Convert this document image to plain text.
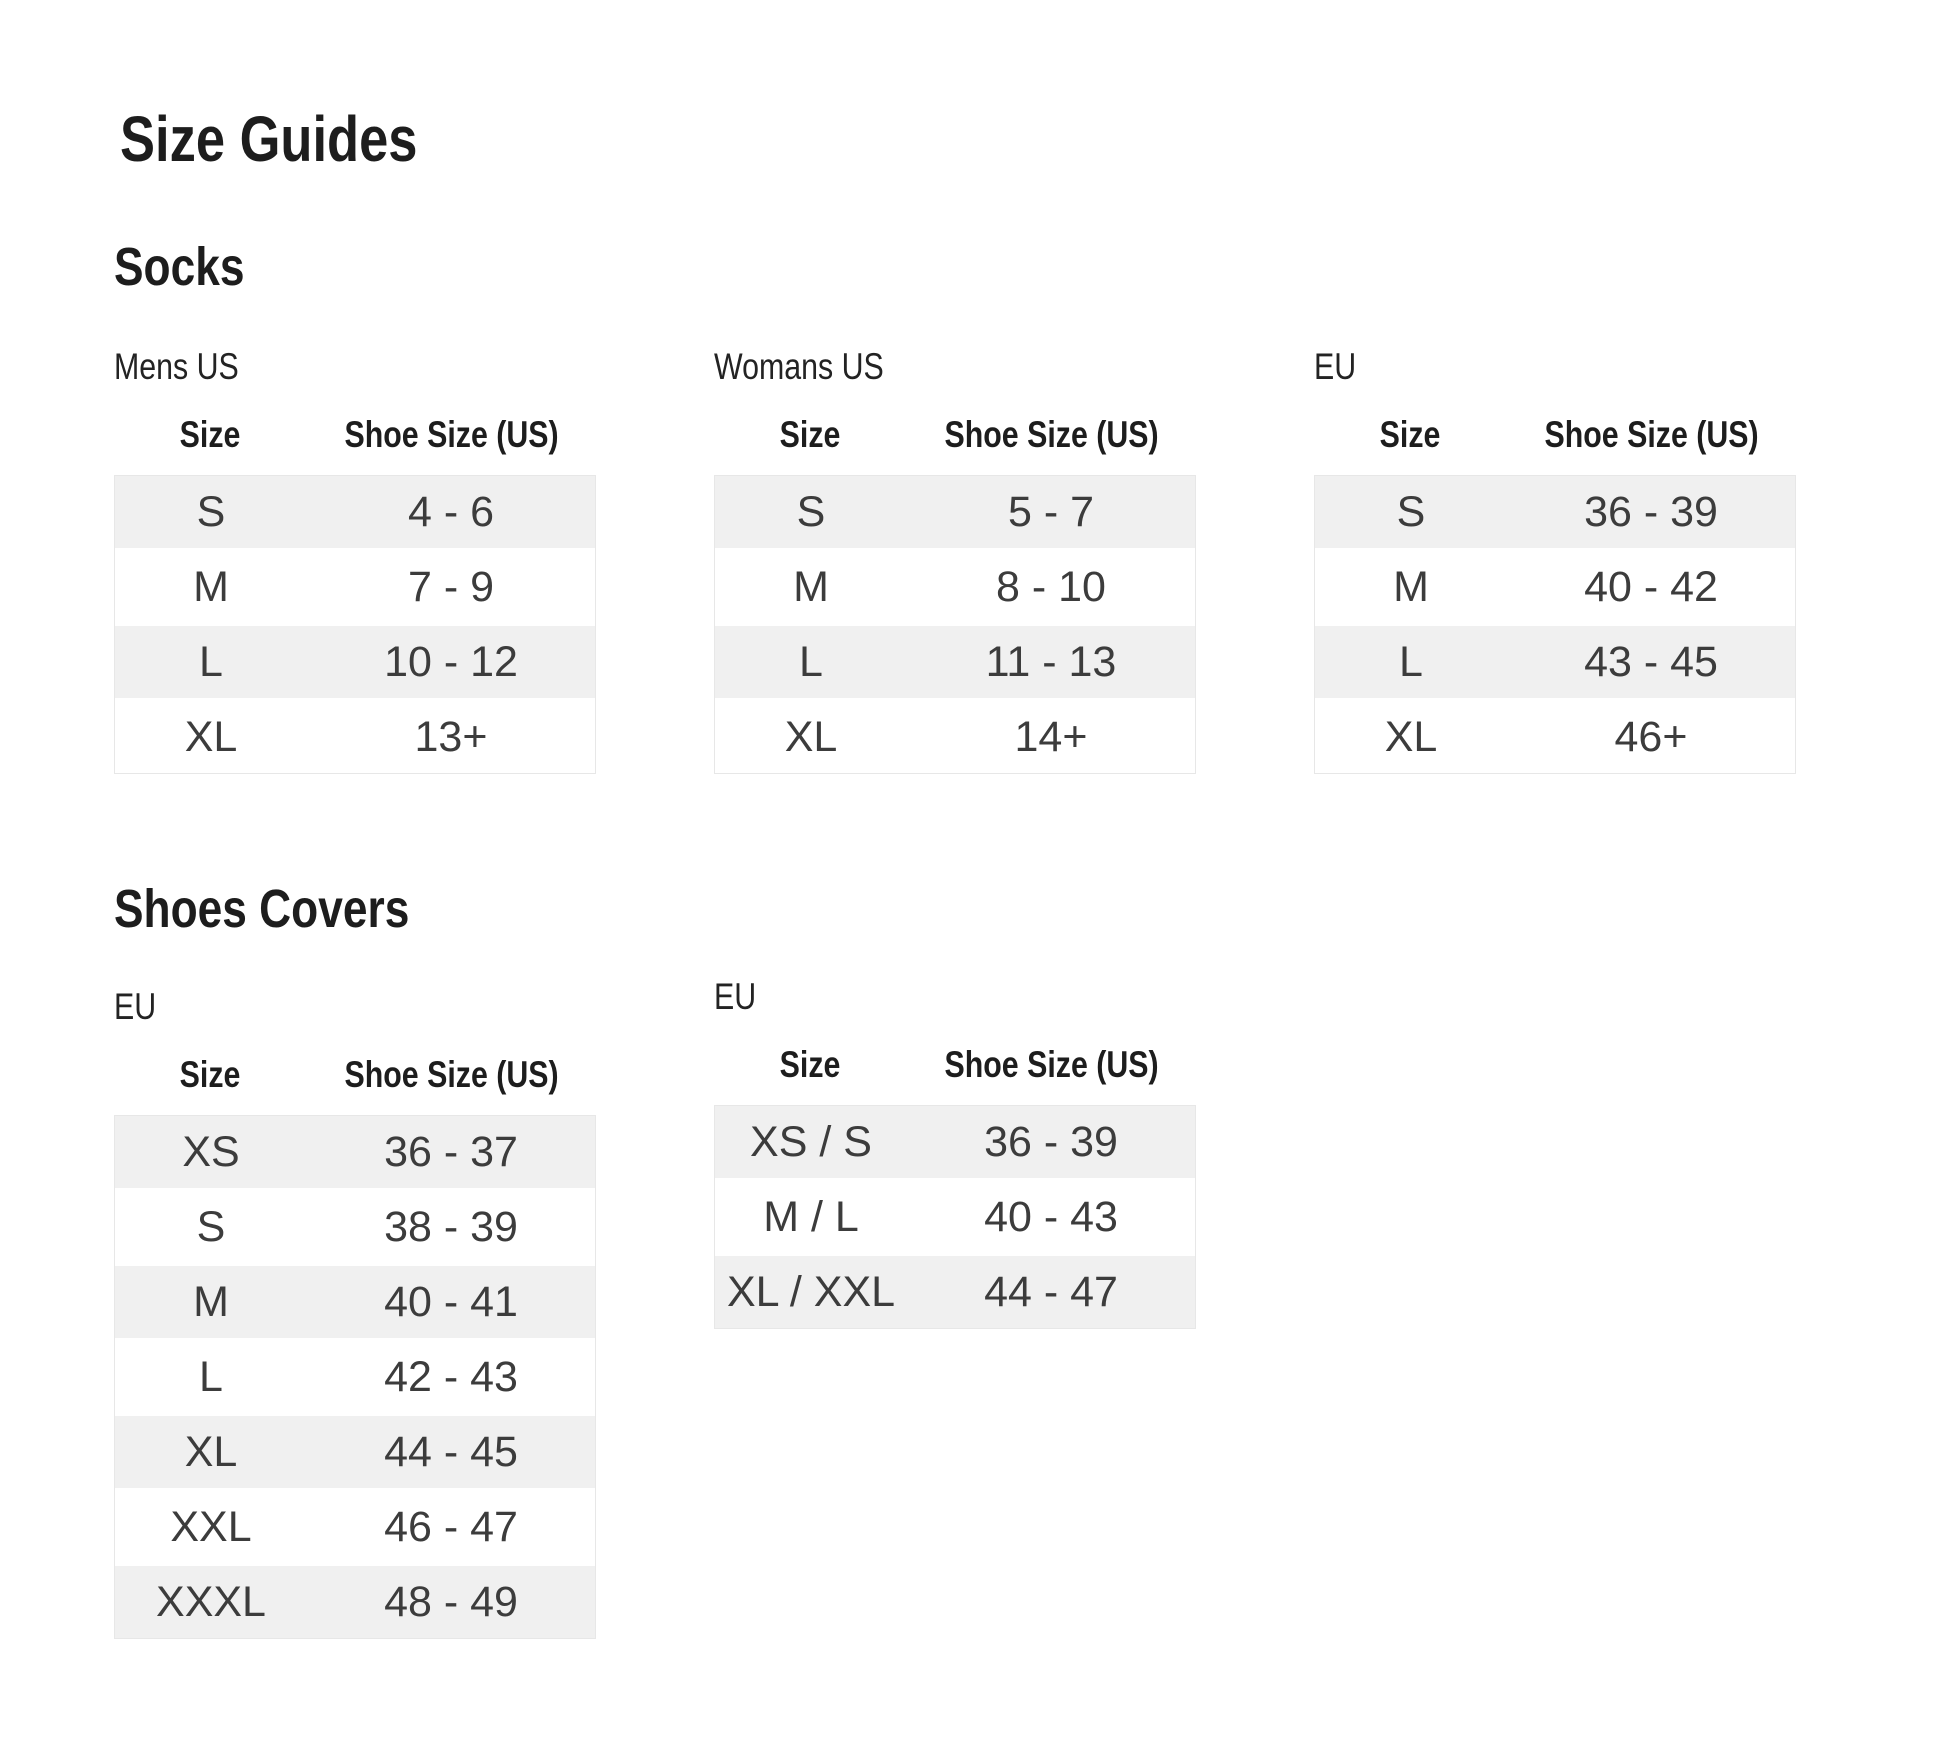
Size Guides
Socks
Mens US
Size	Shoe Size (US)
S	4 - 6
M	7 - 9
L	10 - 12
XL	13+
Womans US
Size	Shoe Size (US)
S	5 - 7
M	8 - 10
L	11 - 13
XL	14+
EU
Size	Shoe Size (US)
S	36 - 39
M	40 - 42
L	43 - 45
XL	46+
Shoes Covers
EU
Size	Shoe Size (US)
XS	36 - 37
S	38 - 39
M	40 - 41
L	42 - 43
XL	44 - 45
XXL	46 - 47
XXXL	48 - 49
EU
Size	Shoe Size (US)
XS / S	36 - 39
M / L	40 - 43
XL / XXL	44 - 47
